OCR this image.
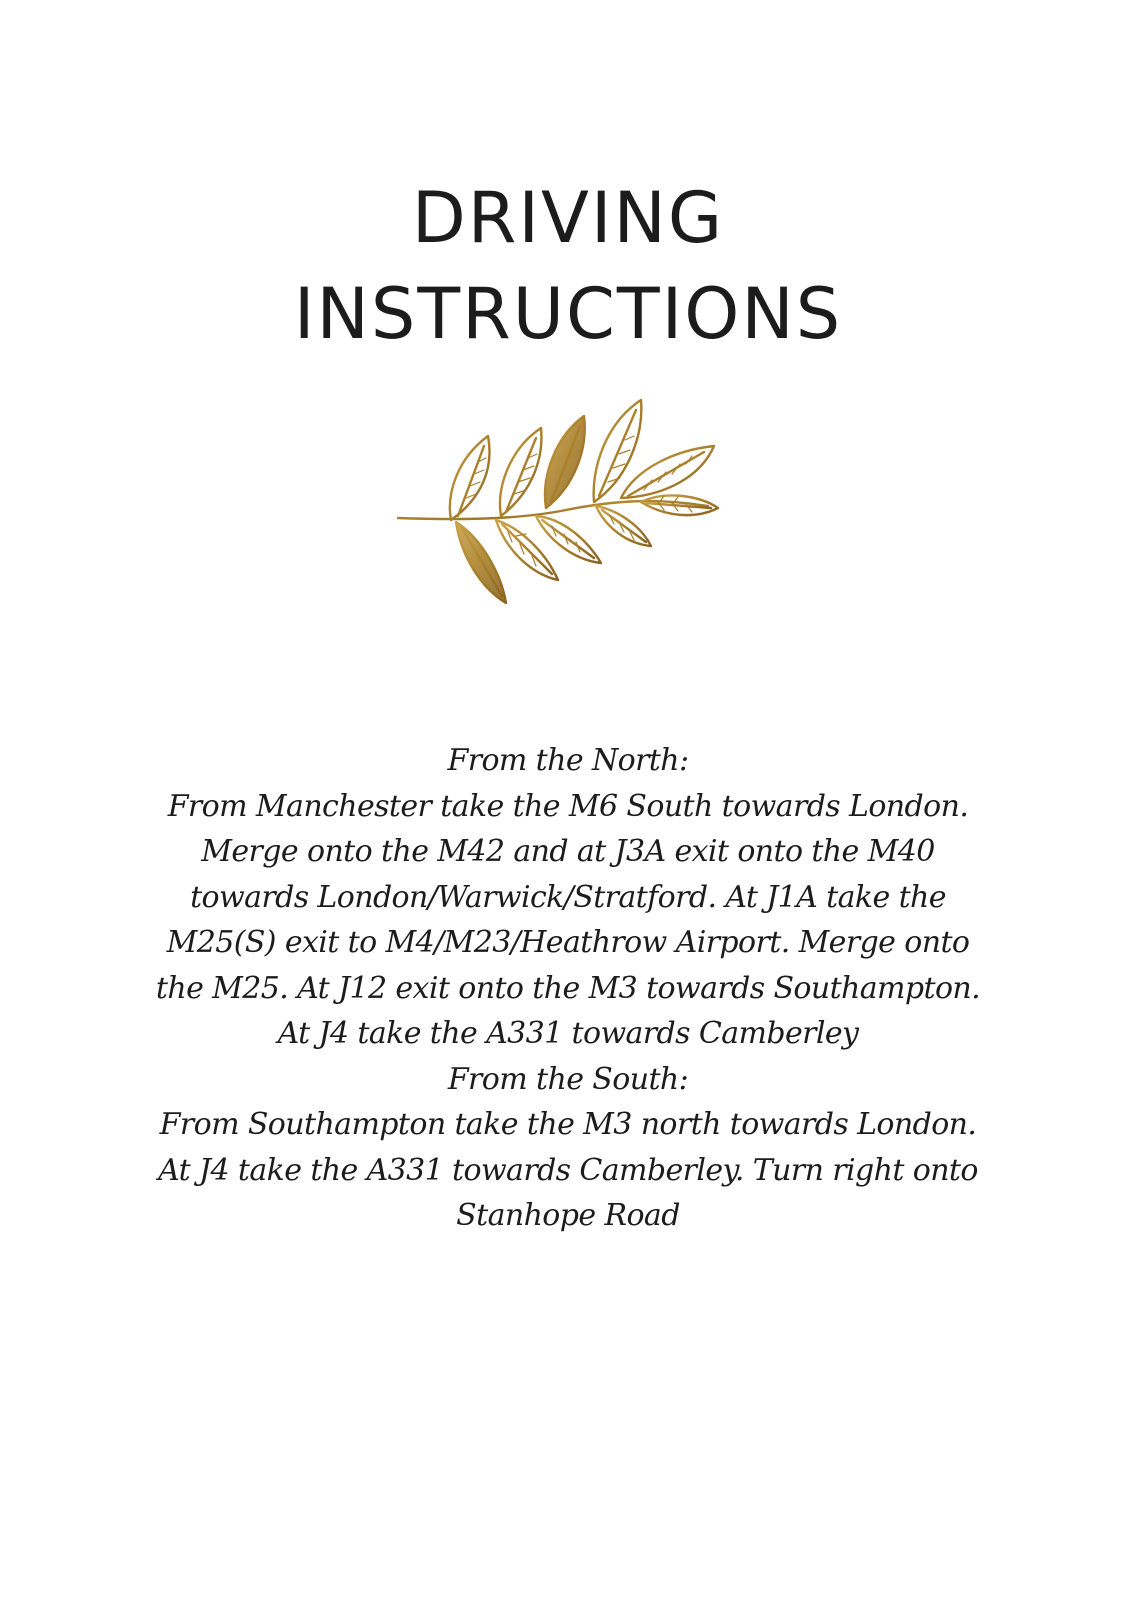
DRIVING
INSTRUCTIONS

From the North:

From Manchester take the M6 South towards London.

Merge onto the M42 and at J3A exit onto the M40

towards London/Warwick/Stratford. At J1A take the

M25(S) exit to M4/M23/Heathrow Airport. Merge onto

the M25. At J12 exit onto the M3 towards Southampton.

At J4 take the A331 towards Camberley

From the South:

From Southampton take the M3 north towards London.

At J4 take the A331 towards Camberley. Turn right onto

Stanhope Road
